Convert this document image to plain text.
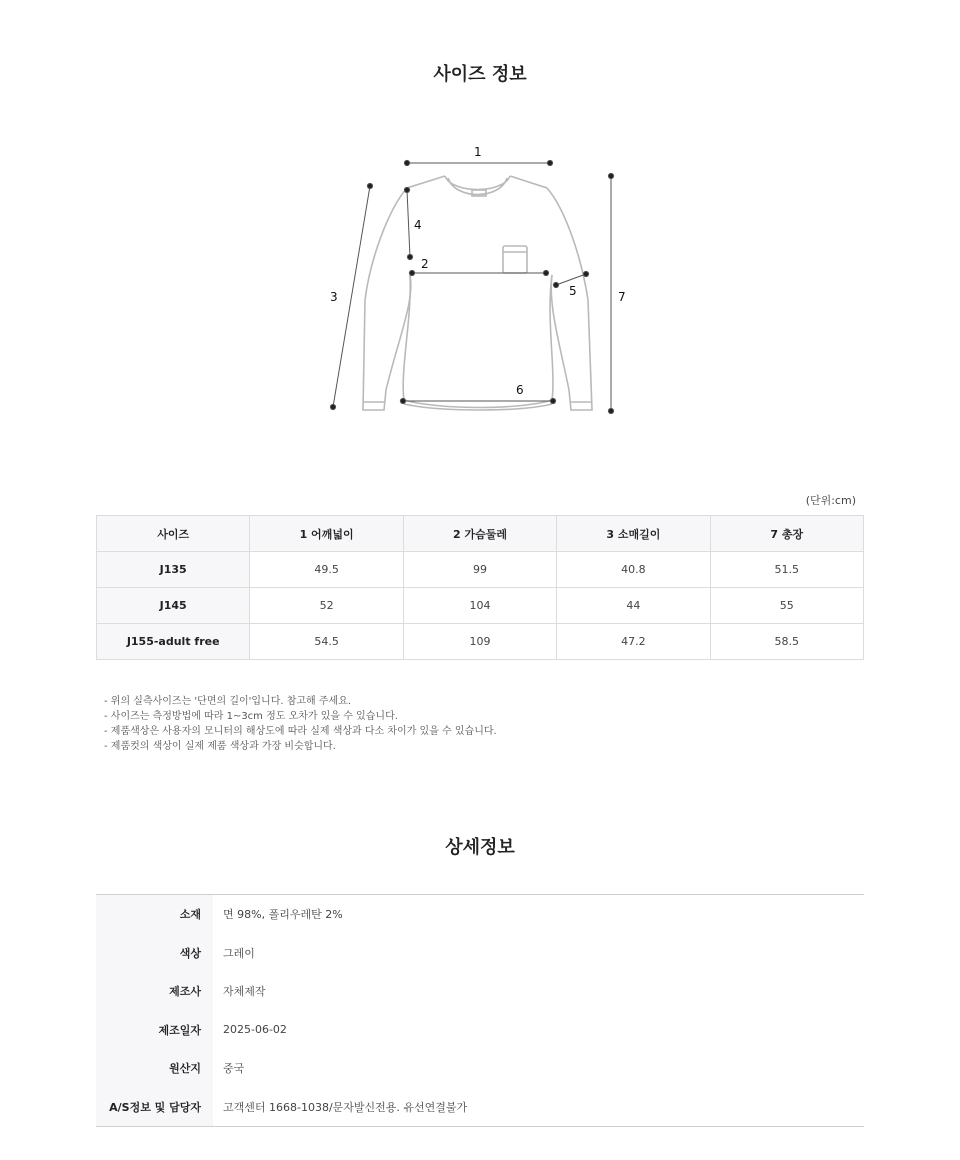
사이즈 정보
1
2
3
4
5
6
7
(단위:cm)
사이즈	1 어깨넓이	2 가슴둘레	3 소매길이	7 총장
J135	49.5	99	40.8	51.5
J145	52	104	44	55
J155-adult free	54.5	109	47.2	58.5
- 위의 실측사이즈는 '단면의 길이'입니다. 참고해 주세요.
- 사이즈는 측정방법에 따라 1~3cm 정도 오차가 있을 수 있습니다.
- 제품색상은 사용자의 모니터의 해상도에 따라 실제 색상과 다소 차이가 있을 수 있습니다.
- 제품컷의 색상이 실제 제품 색상과 가장 비슷합니다.
상세정보
소재	면 98%, 폴리우레탄 2%
색상	그레이
제조사	자체제작
제조일자	2025-06-02
원산지	중국
A/S정보 및 담당자	고객센터 1668-1038/문자발신전용. 유선연결불가
